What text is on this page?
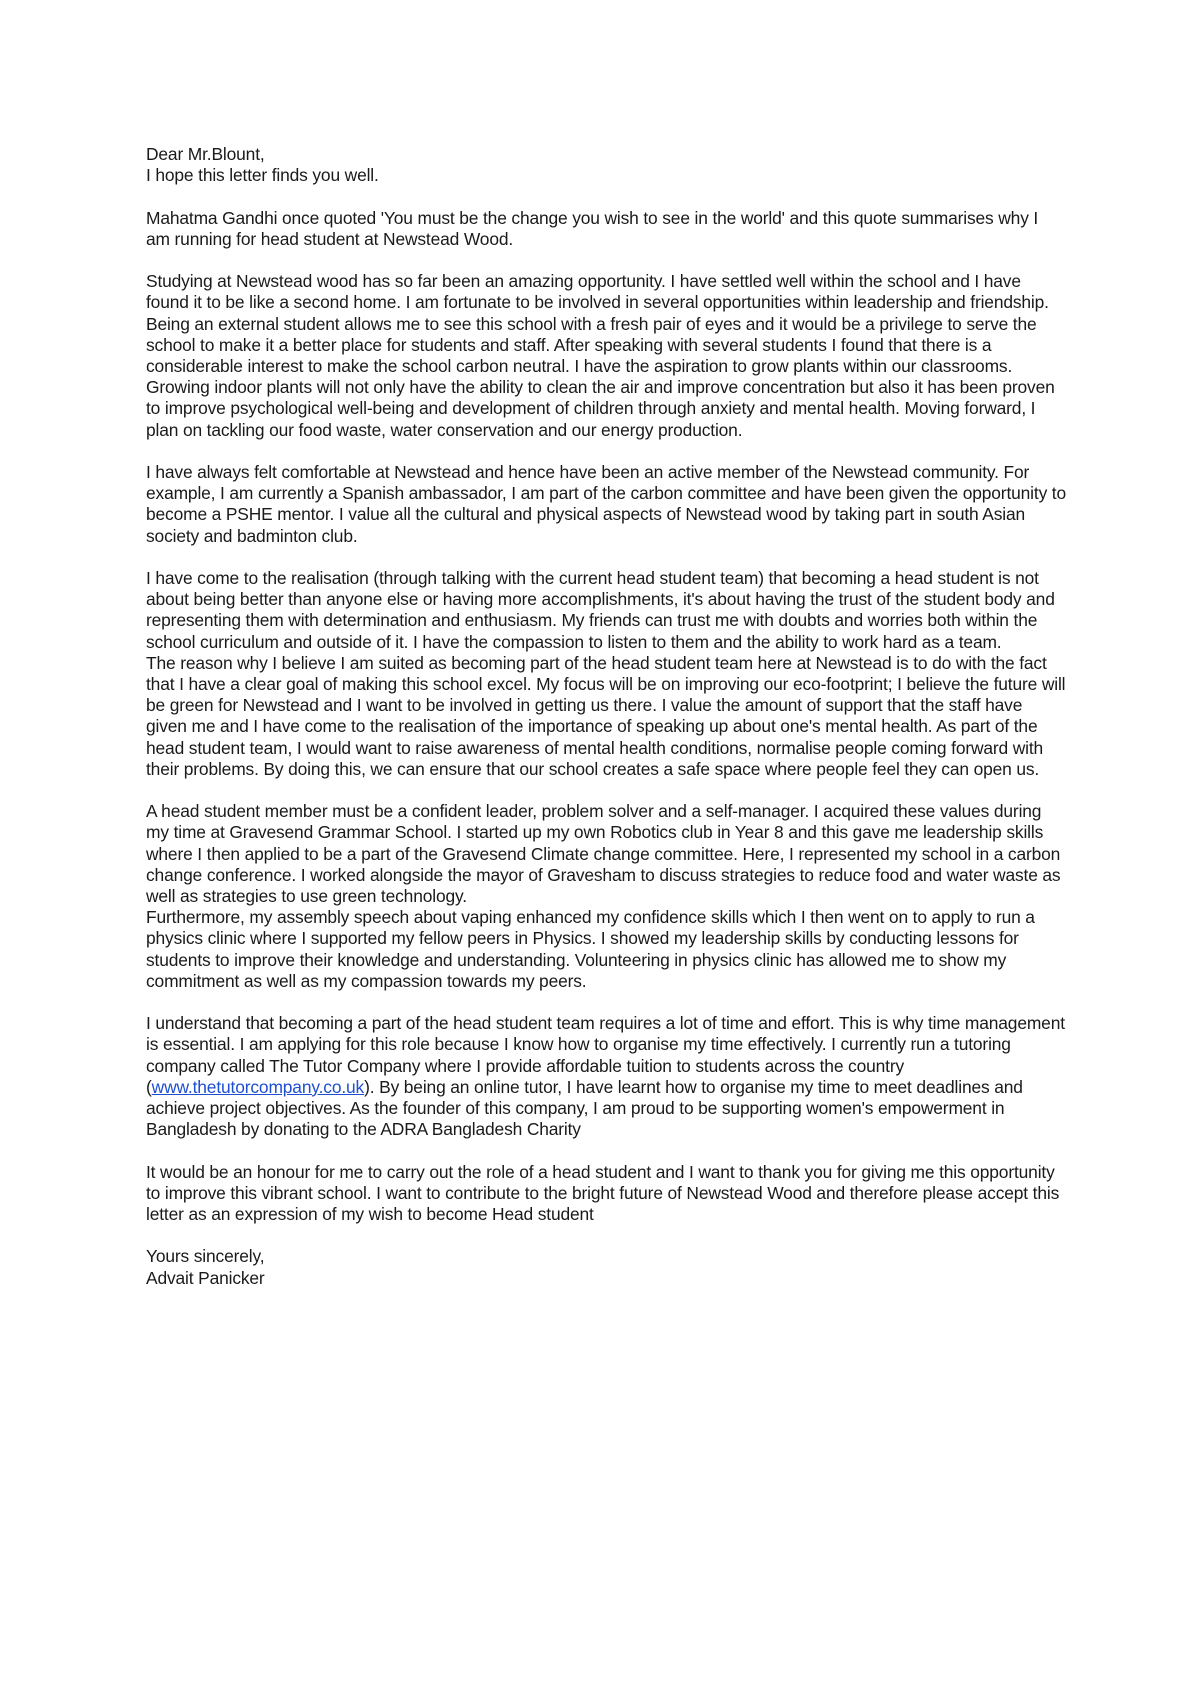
Dear Mr.Blount,
I hope this letter finds you well.

Mahatma Gandhi once quoted 'You must be the change you wish to see in the world' and this quote summarises why I am running for head student at Newstead Wood.

Studying at Newstead wood has so far been an amazing opportunity. I have settled well within the school and I have found it to be like a second home. I am fortunate to be involved in several opportunities within leadership and friendship. Being an external student allows me to see this school with a fresh pair of eyes and it would be a privilege to serve the school to make it a better place for students and staff. After speaking with several students I found that there is a considerable interest to make the school carbon neutral. I have the aspiration to grow plants within our classrooms. Growing indoor plants will not only have the ability to clean the air and improve concentration but also it has been proven to improve psychological well-being and development of children through anxiety and mental health. Moving forward, I plan on tackling our food waste, water conservation and our energy production.

I have always felt comfortable at Newstead and hence have been an active member of the Newstead community. For example, I am currently a Spanish ambassador, I am part of the carbon committee and have been given the opportunity to become a PSHE mentor. I value all the cultural and physical aspects of Newstead wood by taking part in south Asian society and badminton club.

I have come to the realisation (through talking with the current head student team) that becoming a head student is not about being better than anyone else or having more accomplishments, it's about having the trust of the student body and representing them with determination and enthusiasm. My friends can trust me with doubts and worries both within the school curriculum and outside of it. I have the compassion to listen to them and the ability to work hard as a team.

The reason why I believe I am suited as becoming part of the head student team here at Newstead is to do with the fact that I have a clear goal of making this school excel. My focus will be on improving our eco-footprint; I believe the future will be green for Newstead and I want to be involved in getting us there. I value the amount of support that the staff have given me and I have come to the realisation of the importance of speaking up about one's mental health. As part of the head student team, I would want to raise awareness of mental health conditions, normalise people coming forward with their problems. By doing this, we can ensure that our school creates a safe space where people feel they can open us.

A head student member must be a confident leader, problem solver and a self-manager. I acquired these values during my time at Gravesend Grammar School. I started up my own Robotics club in Year 8 and this gave me leadership skills where I then applied to be a part of the Gravesend Climate change committee. Here, I represented my school in a carbon change conference. I worked alongside the mayor of Gravesham to discuss strategies to reduce food and water waste as well as strategies to use green technology.

Furthermore, my assembly speech about vaping enhanced my confidence skills which I then went on to apply to run a physics clinic where I supported my fellow peers in Physics. I showed my leadership skills by conducting lessons for students to improve their knowledge and understanding. Volunteering in physics clinic has allowed me to show my commitment as well as my compassion towards my peers.

I understand that becoming a part of the head student team requires a lot of time and effort. This is why time management is essential. I am applying for this role because I know how to organise my time effectively. I currently run a tutoring company called The Tutor Company where I provide affordable tuition to students across the country (www.thetutorcompany.co.uk). By being an online tutor, I have learnt how to organise my time to meet deadlines and achieve project objectives. As the founder of this company, I am proud to be supporting women's empowerment in Bangladesh by donating to the ADRA Bangladesh Charity

It would be an honour for me to carry out the role of a head student and I want to thank you for giving me this opportunity to improve this vibrant school. I want to contribute to the bright future of Newstead Wood and therefore please accept this letter as an expression of my wish to become Head student

Yours sincerely,
Advait Panicker
